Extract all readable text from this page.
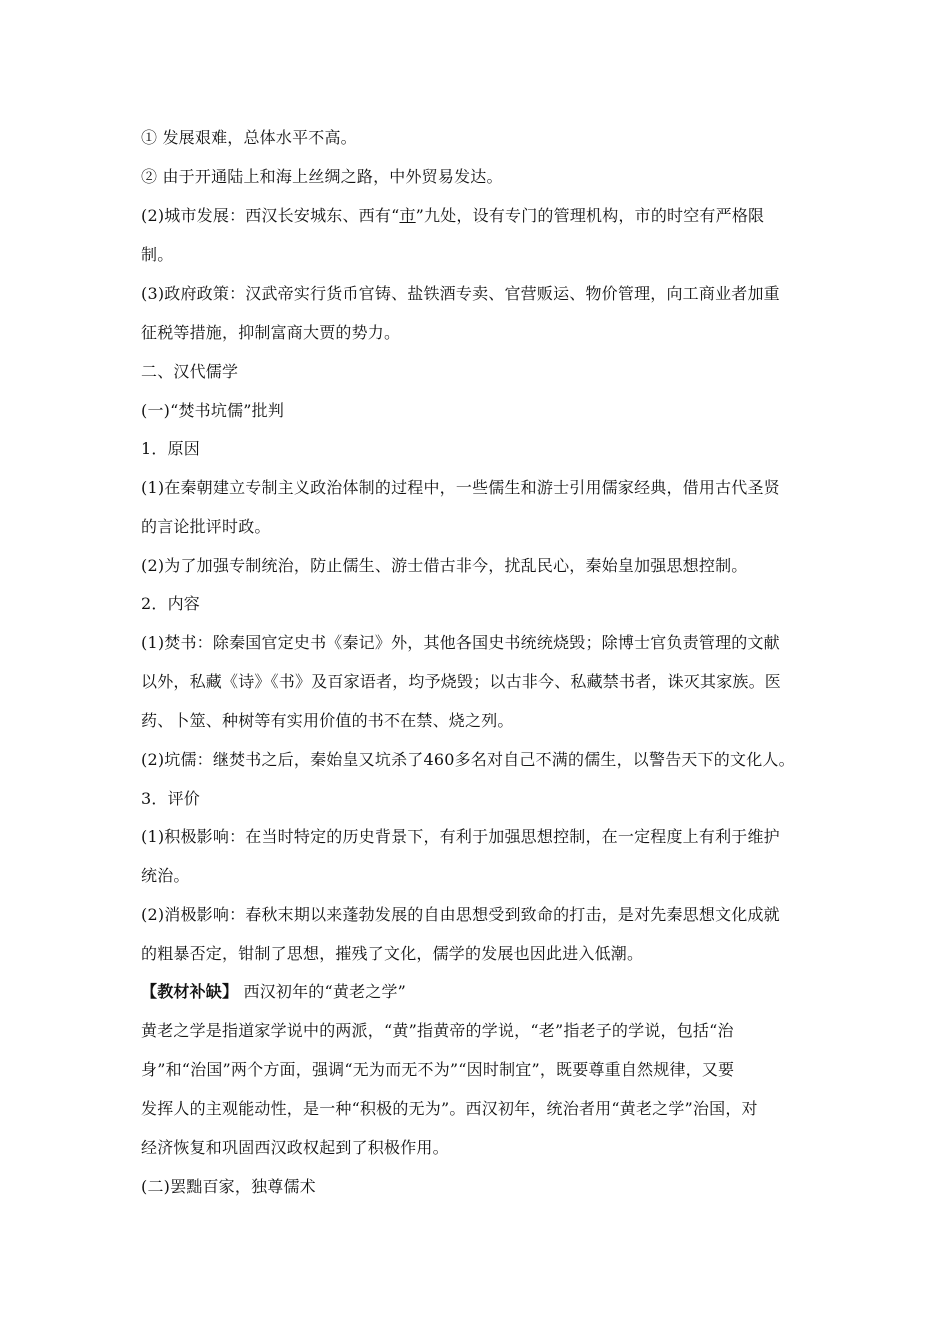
① 发展艰难，总体水平不高。
② 由于开通陆上和海上丝绸之路，中外贸易发达。
(2)城市发展：西汉长安城东、西有“市”九处，设有专门的管理机构，市的时空有严格限
制。
(3)政府政策：汉武帝实行货币官铸、盐铁酒专卖、官营贩运、物价管理，向工商业者加重
征税等措施，抑制富商大贾的势力。
二、汉代儒学
(一)“焚书坑儒”批判
1．原因
(1)在秦朝建立专制主义政治体制的过程中，一些儒生和游士引用儒家经典，借用古代圣贤
的言论批评时政。
(2)为了加强专制统治，防止儒生、游士借古非今，扰乱民心，秦始皇加强思想控制。
2．内容
(1)焚书：除秦国官定史书《秦记》外，其他各国史书统统烧毁；除博士官负责管理的文献
以外，私藏《诗》《书》及百家语者，均予烧毁；以古非今、私藏禁书者，诛灭其家族。医
药、卜筮、种树等有实用价值的书不在禁、烧之列。
(2)坑儒：继焚书之后，秦始皇又坑杀了460多名对自己不满的儒生，以警告天下的文化人。
3．评价
(1)积极影响：在当时特定的历史背景下，有利于加强思想控制，在一定程度上有利于维护
统治。
(2)消极影响：春秋末期以来蓬勃发展的自由思想受到致命的打击，是对先秦思想文化成就
的粗暴否定，钳制了思想，摧残了文化，儒学的发展也因此进入低潮。
【教材补缺】 西汉初年的“黄老之学”
黄老之学是指道家学说中的两派，“黄”指黄帝的学说，“老”指老子的学说，包括“治
身”和“治国”两个方面，强调“无为而无不为”“因时制宜”，既要尊重自然规律，又要
发挥人的主观能动性，是一种“积极的无为”。西汉初年，统治者用“黄老之学”治国，对
经济恢复和巩固西汉政权起到了积极作用。
(二)罢黜百家，独尊儒术
